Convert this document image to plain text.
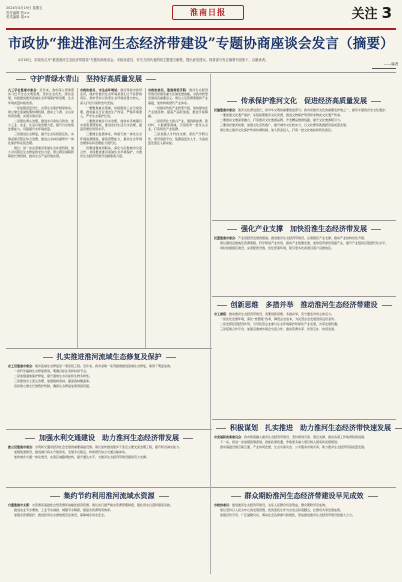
2024年4月19日 星期五
责任编辑 张××
美术编辑 周××
淮南日报	关注 3
市政协“推进淮河生态经济带建设”专题协商座谈会发言（摘要）
4月18日，市政协召开“推进淮河生态经济带建设”专题协商座谈会。市政协委员、有关方面代表围绕主题建言献策，提出意见建议。现将部分发言摘要刊登如下，以飨读者。
——编者
守护青绿水青山　坚持好高质量发展
传承保护淮河文化　促进经济高质量发展
强化产业支撑　加快沿淮生态经济带发展
创新思维　多措并举　推动淮河生态经济带建设
扎实推进淮河流域生态修复及保护
加强水利交通建设　助力淮河生态经济带发展
积极谋划　扎实推进　助力淮河生态经济带快速发展
集约节约利用淮河流域水资源	群众期盼淮河生态经济带建设早见成效

九三学社淮南市委会：近年来，我市深入贯彻落实习近平生态文明思想，坚持生态优先、绿色发展，持续推进淮河流域生态环境保护和治理，生态环境质量持续改善。

一是加强顶层设计，完善生态保护制度体系。建立健全流域统筹协调机制，推动上下游、左右岸协同治理，实现共建共享。

二是强化源头治理，推进水污染综合防治。加大工业、农业、生活污染治理力度，提升污水收集处理能力，巩固提升水环境质量。

三是推进生态修复，提升生态系统稳定性。实施采煤沉陷区综合治理，推进山水林田湖草沙一体化保护和系统治理。

建议：进一步完善淮河流域生态补偿机制，加大对沉陷区生态修复的支持力度，建立跨区域联防联控长效机制，推动生态产品价值实现。

市政协委员、市生态环境局：淮河是我市的母亲河，保护好淮河生态环境是我们义不容辞的责任。我市坚持以改善生态环境质量为核心，深入打好污染防治攻坚战。

一要聚焦重点领域，持续推进工业污染治理，推进重点行业清洁生产改造，严格环境准入，严守生态保护红线。

二要推进城乡污水治理，加快补齐城镇污水收集管网短板，推进农村生活污水治理，提高资源化利用水平。

三要健全监测体系，构建天地一体化生态环境监测网络，提高预警能力，推动生态环境治理体系和治理能力现代化。

四要加强协同联动，深化与沿淮城市交流合作，共同推进淮河流域生态环境保护，为淮河生态经济带建设贡献淮南力量。

市政协委员、淮南师范学院：淮河生态经济带建设是国家重大区域发展战略，对我市转型发展具有重要意义。建议立足资源禀赋和产业基础，加快构建现代产业体系。

一是推动传统产业转型升级，加快煤电化产业链延伸，提高产品附加值，推进节能降碳。

二是培育壮大新兴产业，围绕新能源、新材料、大数据等领域，引进培育一批龙头企业，打造特色产业集群。

三是加强人才科技支撑，深化产学研合作，建设创新平台，集聚高层次人才，为高质量发展注入新动能。

民建淮南市委会：淮河文化源远流长，是中华文明的重要组成部分。我市是淮河文化的重要发祥地之一，拥有丰富的历史文化遗存。

一要加强文化遗产保护，系统梳理淮河文化资源，推进文物保护利用和非物质文化遗产传承。

二要推动文旅深度融合，打造淮河文化旅游品牌，开发精品旅游线路，提升文化旅游吸引力。

三要讲好淮河故事，加强文化宣传推广，提升城市文化软实力，以文化繁荣助推经济高质量发展。

建议建立淮河文化保护传承协调机制，加大资金投入，打造一批文化地标和特色街区。

民盟淮南市委会：产业是经济发展的根基。推进淮河生态经济带建设，必须强化产业支撑，推动产业结构优化升级。

建议围绕沿淮地区资源禀赋，科学规划产业布局，推动产业集聚发展，加快培育绿色低碳产业，提升产业链供应链现代化水平。

同时加强园区建设，完善配套设施，优化营商环境，吸引更多优质项目落户沿淮地区。

市工商联：推动淮河生态经济带建设，需要创新思维、多措并举，充分激发市场主体活力。

一是优化发展环境，深化“放管服”改革，降低企业成本，为民营企业发展创造良好条件。

二是发挥民营经济作用，引导民营企业参与生态环境保护和绿色产业发展，共享发展机遇。

三是搭建合作平台，加强沿淮城市商会交流合作，推动资源共享、优势互补、协同发展。

农工党淮南市委会：淮河流域生态修复是一项系统工程。近年来，我市采取一系列措施推进流域生态修复，取得了明显成效。

一是科学编制生态修复规划，明确目标任务和时间节点。

二是加强湿地保护修复，提升湿地生态功能和生物多样性。

三是推进水土流失治理，加强植树造林，提高森林覆盖率。

四是建立健全长效管护机制，确保生态修复成果得到巩固。

致公党淮南市委会：水利和交通是经济社会发展的重要基础设施。建议加快推进淮河干流及主要支流治理工程，提升防洪减灾能力。

加强航道建设，推进港口码头升级改造，发展多式联运，构建现代综合交通运输体系。

加快城乡交通一体化建设，完善区域路网结构，提升通达水平，为淮河生态经济带建设提供有力支撑。

市发展和改革委员会：我市积极融入淮河生态经济带建设，坚持规划引领、项目支撑，推动各项工作取得积极进展。

下一步，将进一步加强统筹谋划，抢抓政策机遇，争取更多重大项目纳入国家和省级规划。

推动基础设施互联互通、产业协同发展、生态共保共治、公共服务共建共享，助力淮河生态经济带高质量发展。

台盟淮南市支部：水资源是基础性自然资源和战略性经济资源。建议实行最严格水资源管理制度，强化用水总量和强度双控。

推进农业节水增效、工业节水减排、城镇节水降损，提高水资源利用效率。

加强水资源保护，推进饮用水水源地规范化建设，保障城乡供水安全。

市政协委员：推进淮河生态经济带建设，关系人民群众切身利益，群众期盼早见成效。

建议坚持以人民为中心的发展思想，把改善民生作为出发点和落脚点，让群众共享发展成果。

加强宣传引导，广泛凝聚共识，调动社会各界参与积极性，形成推进淮河生态经济带建设的强大合力。
